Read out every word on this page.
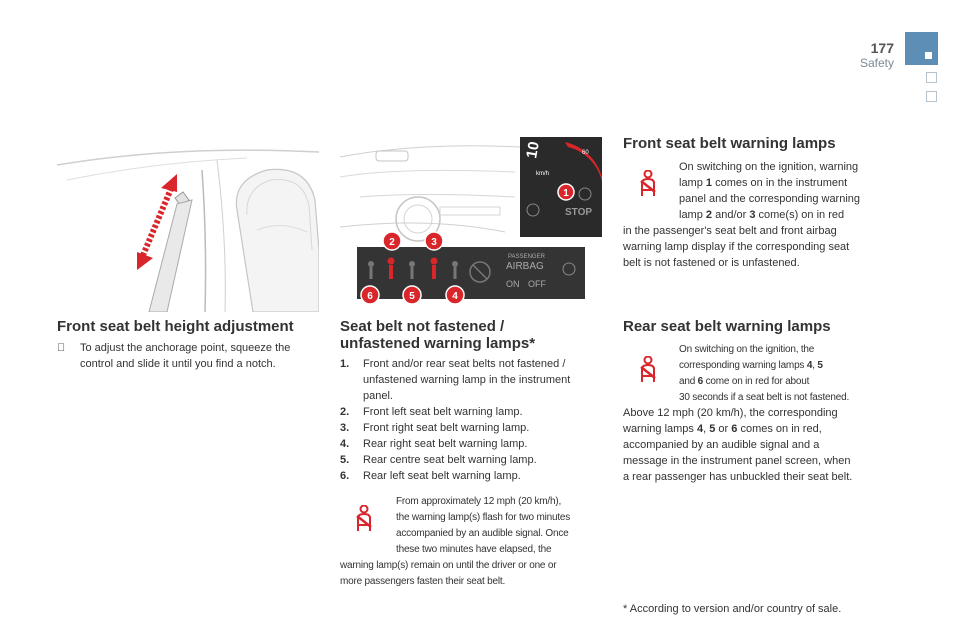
177
Safety
10	60
km/h
STOP
PASSENGER
AIRBAG
ON OFF
1
2	3
4
5
6
Front seat belt height adjustment
To adjust the anchorage point, squeeze the
control and slide it until you find a notch.
Seat belt not fastened /
unfastened warning lamps*
1.	Front and/or rear seat belts not fastened /
unfastened warning lamp in the instrument
panel.
2.	Front left seat belt warning lamp.
3.	Front right seat belt warning lamp.
4.	Rear right seat belt warning lamp.
5.	Rear centre seat belt warning lamp.
6.	Rear left seat belt warning lamp.
From approximately 12 mph (20 km/h),
the warning lamp(s) flash for two minutes
accompanied by an audible signal. Once
these two minutes have elapsed, the
warning lamp(s) remain on until the driver or one or
more passengers fasten their seat belt.
Front seat belt warning lamps
On switching on the ignition, warning
lamp 1 comes on in the instrument
panel and the corresponding warning
lamp 2 and/or 3 come(s) on in red
in the passenger's seat belt and front airbag
warning lamp display if the corresponding seat
belt is not fastened or is unfastened.
Rear seat belt warning lamps
On switching on the ignition, the
corresponding warning lamps 4, 5
and 6 come on in red for about
30 seconds if a seat belt is not fastened.
Above 12 mph (20 km/h), the corresponding
warning lamps 4, 5 or 6 comes on in red,
accompanied by an audible signal and a
message in the instrument panel screen, when
a rear passenger has unbuckled their seat belt.
* According to version and/or country of sale.
